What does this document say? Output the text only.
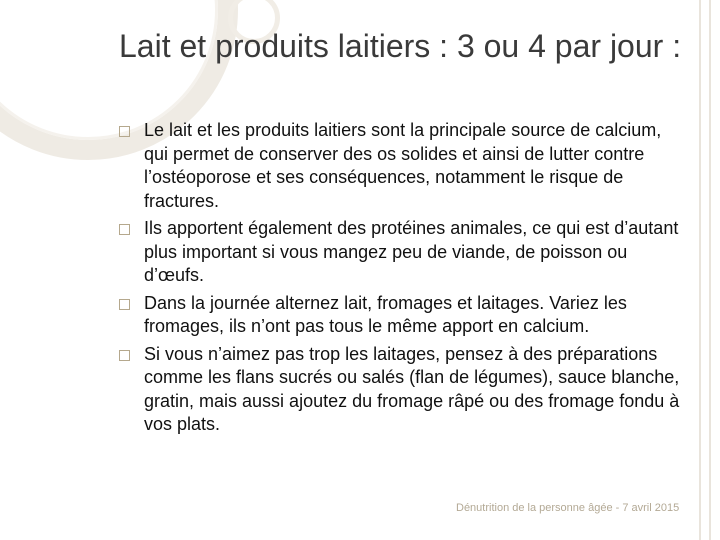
Lait et produits laitiers : 3 ou 4 par jour :
Le lait et les produits laitiers sont la principale source de calcium, qui permet de conserver des os solides et ainsi de lutter contre l’ostéoporose et ses conséquences, notamment le risque de fractures.
Ils apportent également des protéines animales, ce qui est d’autant plus important si vous mangez peu de viande, de poisson ou d’œufs.
Dans la journée alternez lait, fromages et laitages. Variez les fromages, ils n’ont pas tous le même apport en calcium.
Si vous n’aimez pas trop les laitages, pensez à des préparations comme les flans sucrés ou salés (flan de légumes), sauce blanche, gratin, mais aussi ajoutez du fromage râpé ou des fromage fondu à vos plats.
Dénutrition de la personne âgée - 7 avril 2015
